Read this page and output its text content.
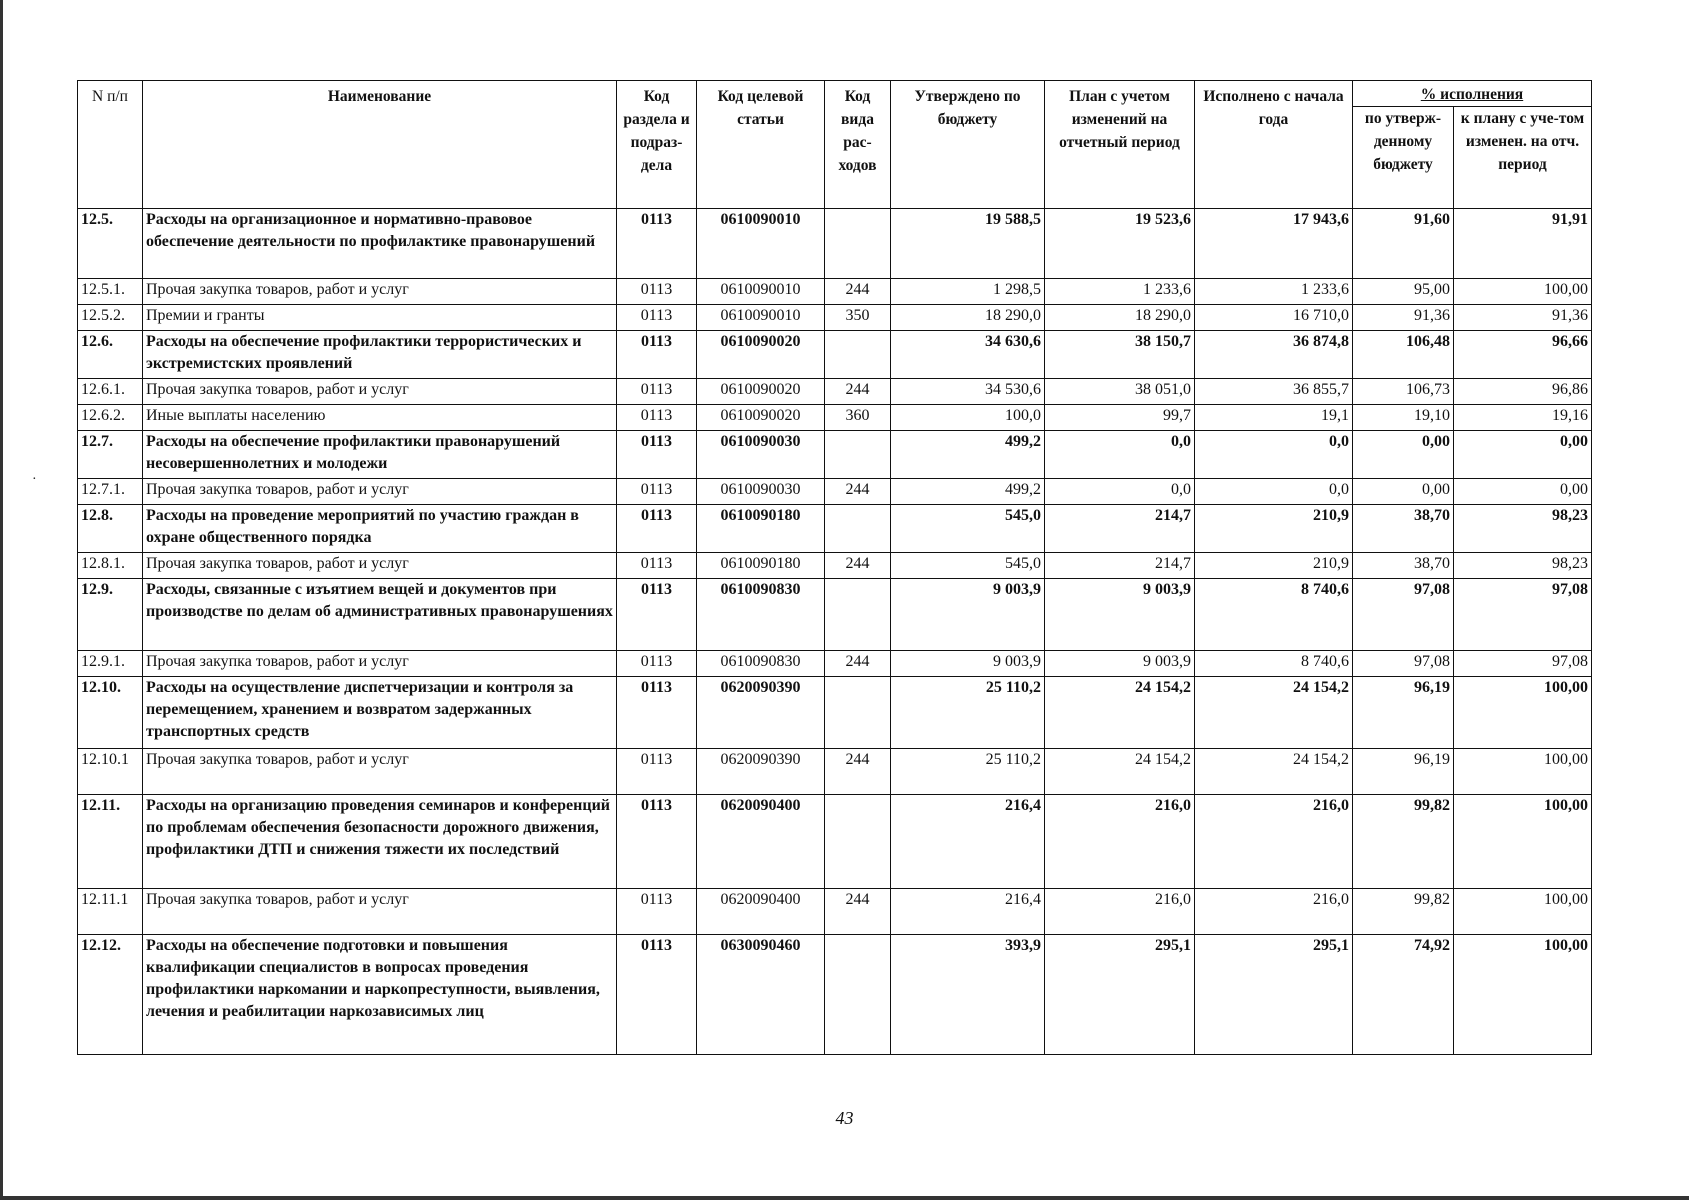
·
N п/п	Наименование	Код раздела и подраз-дела	Код целевой статьи	Код вида рас-ходов	Утверждено по бюджету	План с учетом изменений на отчетный период	Исполнено с начала года	% исполнения	
								по утверж-денному бюджету	к плану с уче-том изменен. на отч. период
12.5.	Расходы на организационное и нормативно-правовое обеспечение деятельности по профилактике правонарушений	0113	0610090010		19 588,5	19 523,6	17 943,6	91,60	91,91
12.5.1.	Прочая закупка товаров, работ и услуг	0113	0610090010	244	1 298,5	1 233,6	1 233,6	95,00	100,00
12.5.2.	Премии и гранты	0113	0610090010	350	18 290,0	18 290,0	16 710,0	91,36	91,36
12.6.	Расходы на обеспечение профилактики террористических и экстремистских проявлений	0113	0610090020		34 630,6	38 150,7	36 874,8	106,48	96,66
12.6.1.	Прочая закупка товаров, работ и услуг	0113	0610090020	244	34 530,6	38 051,0	36 855,7	106,73	96,86
12.6.2.	Иные выплаты населению	0113	0610090020	360	100,0	99,7	19,1	19,10	19,16
12.7.	Расходы на обеспечение профилактики правонарушений несовершеннолетних и молодежи	0113	0610090030		499,2	0,0	0,0	0,00	0,00
12.7.1.	Прочая закупка товаров, работ и услуг	0113	0610090030	244	499,2	0,0	0,0	0,00	0,00
12.8.	Расходы на проведение мероприятий по участию граждан в охране общественного порядка	0113	0610090180		545,0	214,7	210,9	38,70	98,23
12.8.1.	Прочая закупка товаров, работ и услуг	0113	0610090180	244	545,0	214,7	210,9	38,70	98,23
12.9.	Расходы, связанные с изъятием вещей и документов при производстве по делам об административных правонарушениях	0113	0610090830		9 003,9	9 003,9	8 740,6	97,08	97,08
12.9.1.	Прочая закупка товаров, работ и услуг	0113	0610090830	244	9 003,9	9 003,9	8 740,6	97,08	97,08
12.10.	Расходы на осуществление диспетчеризации и контроля за перемещением, хранением и возвратом задержанных транспортных средств	0113	0620090390		25 110,2	24 154,2	24 154,2	96,19	100,00
12.10.1	Прочая закупка товаров, работ и услуг	0113	0620090390	244	25 110,2	24 154,2	24 154,2	96,19	100,00
12.11.	Расходы на организацию проведения семинаров и конференций по проблемам обеспечения безопасности дорожного движения, профилактики ДТП и снижения тяжести их последствий	0113	0620090400		216,4	216,0	216,0	99,82	100,00
12.11.1	Прочая закупка товаров, работ и услуг	0113	0620090400	244	216,4	216,0	216,0	99,82	100,00
12.12.	Расходы на обеспечение подготовки и повышения квалификации специалистов в вопросах проведения профилактики наркомании и наркопреступности, выявления, лечения и реабилитации наркозависимых лиц	0113	0630090460		393,9	295,1	295,1	74,92	100,00
43
